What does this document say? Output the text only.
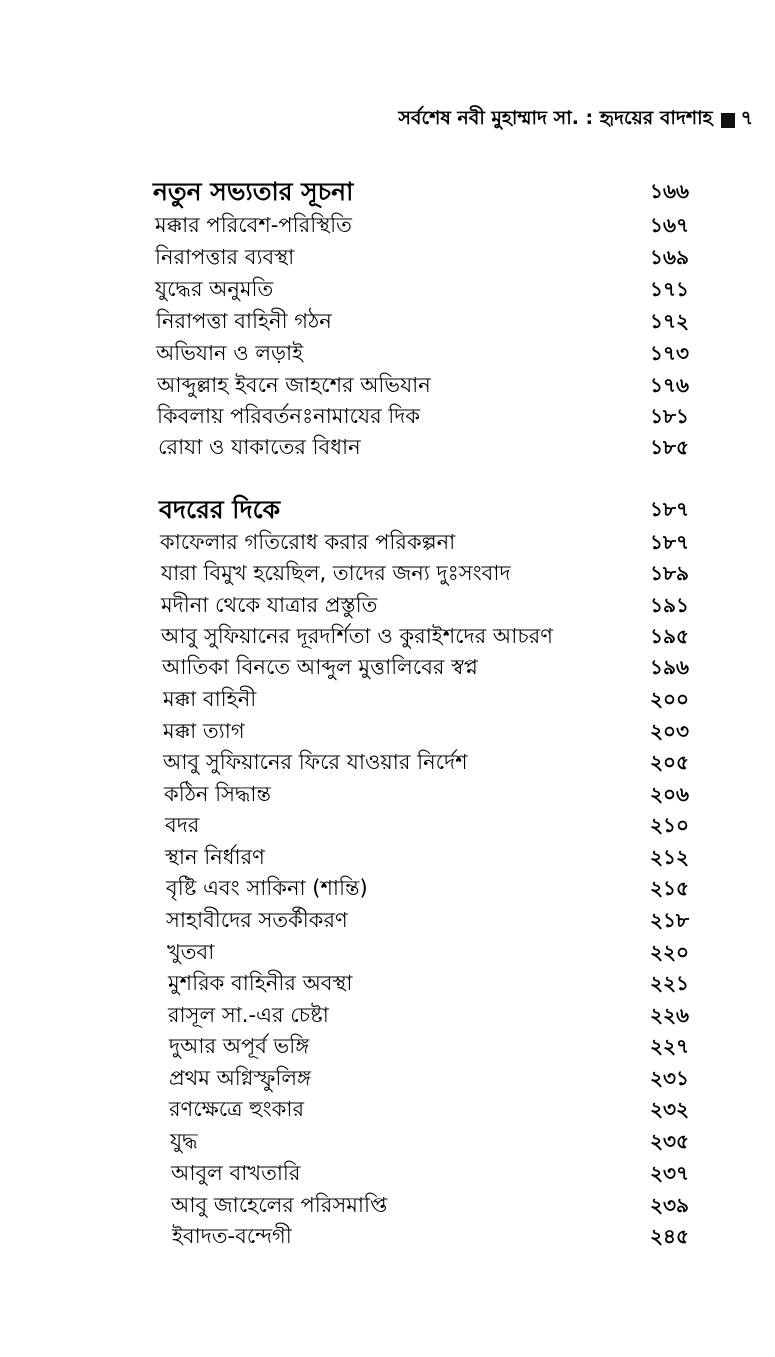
সর্বশেষ নবী মুহাম্মাদ সা. : হৃদয়ের বাদশাহ ৭
নতুন সভ্যতার সূচনা	১৬৬
মক্কার পরিবেশ-পরিস্থিতি	১৬৭
নিরাপত্তার ব্যবস্থা	১৬৯
যুদ্ধের অনুমতি	১৭১
নিরাপত্তা বাহিনী গঠন	১৭২
অভিযান ও লড়াই	১৭৩
আব্দুল্লাহ ইবনে জাহশের অভিযান	১৭৬
কিবলায় পরিবর্তনঃনামাযের দিক	১৮১
রোযা ও যাকাতের বিধান	১৮৫
বদরের দিকে	১৮৭
কাফেলার গতিরোধ করার পরিকল্পনা	১৮৭
যারা বিমুখ হয়েছিল, তাদের জন্য দুঃসংবাদ	১৮৯
মদীনা থেকে যাত্রার প্রস্তুতি	১৯১
আবু সুফিয়ানের দূরদর্শিতা ও কুরাইশদের আচরণ	১৯৫
আতিকা বিনতে আব্দুল মুত্তালিবের স্বপ্ন	১৯৬
মক্কা বাহিনী	২০০
মক্কা ত্যাগ	২০৩
আবু সুফিয়ানের ফিরে যাওয়ার নির্দেশ	২০৫
কঠিন সিদ্ধান্ত	২০৬
বদর	২১০
স্থান নির্ধারণ	২১২
বৃষ্টি এবং সাকিনা (শান্তি)	২১৫
সাহাবীদের সতর্কীকরণ	২১৮
খুতবা	২২০
মুশরিক বাহিনীর অবস্থা	২২১
রাসূল সা.-এর চেষ্টা	২২৬
দুআর অপূর্ব ভঙ্গি	২২৭
প্রথম অগ্নিস্ফুলিঙ্গ	২৩১
রণক্ষেত্রে হুংকার	২৩২
যুদ্ধ	২৩৫
আবুল বাখতারি	২৩৭
আবু জাহেলের পরিসমাপ্তি	২৩৯
ইবাদত-বন্দেগী	২৪৫
